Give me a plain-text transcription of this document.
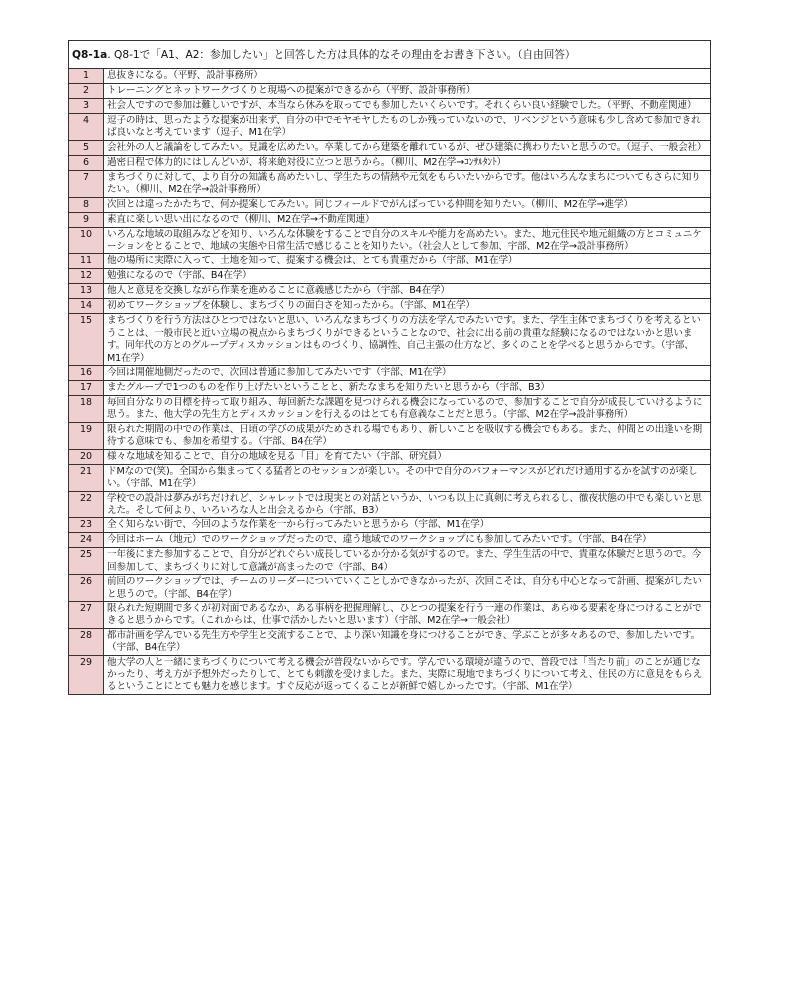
Q8-1a. Q8-1で「A1、A2：参加したい」と回答した方は具体的なその理由をお書き下さい。（自由回答）	
1	息抜きになる。（平野、設計事務所）
2	トレーニングとネットワークづくりと現場への提案ができるから（平野、設計事務所）
3	社会人ですので参加は難しいですが、本当なら休みを取ってでも参加したいくらいです。それくらい良い経験でした。（平野、不動産関連）
4	逗子の時は、思ったような提案が出来ず、自分の中でモヤモヤしたものしか残っていないので、リベンジという意味も少し含めて参加できれば良いなと考えています（逗子、M1在学）
5	会社外の人と議論をしてみたい。見識を広めたい。卒業してから建築を離れているが、ぜひ建築に携わりたいと思うので。（逗子、一般会社）
6	過密日程で体力的にはしんどいが、将来絶対役に立つと思うから。（柳川、M2在学→ｺﾝｻﾙﾀﾝﾄ）
7	まちづくりに対して、より自分の知識も高めたいし、学生たちの情熱や元気をもらいたいからです。他はいろんなまちについてもさらに知りたい。（柳川、M2在学→設計事務所）
8	次回とは違ったかたちで、何か提案してみたい。同じフィールドでがんばっている仲間を知りたい。（柳川、M2在学→進学）
9	素直に楽しい思い出になるので（柳川、M2在学→不動産関連）
10	いろんな地域の取組みなどを知り、いろんな体験をすることで自分のスキルや能力を高めたい。また、地元住民や地元組織の方とコミュニケーションをとることで、地域の実態や日常生活で感じることを知りたい。（社会人として参加、宇部、M2在学→設計事務所）
11	他の場所に実際に入って、土地を知って、提案する機会は、とても貴重だから（宇部、M1在学）
12	勉強になるので（宇部、B4在学）
13	他人と意見を交換しながら作業を進めることに意義感じたから（宇部、B4在学）
14	初めてワークショップを体験し、まちづくりの面白さを知ったから。（宇部、M1在学）
15	まちづくりを行う方法はひとつではないと思い、いろんなまちづくりの方法を学んでみたいです。また、学生主体でまちづくりを考えるということは、一般市民と近い立場の視点からまちづくりができるということなので、社会に出る前の貴重な経験になるのではないかと思います。同年代の方とのグループディスカッションはものづくり、協調性、自己主張の仕方など、多くのことを学べると思うからです。（宇部、M1在学）
16	今回は開催地側だったので、次回は普通に参加してみたいです（宇部、M1在学）
17	またグループで1つのものを作り上げたいということと、新たなまちを知りたいと思うから（宇部、B3）
18	毎回自分なりの目標を持って取り組み、毎回新たな課題を見つけられる機会になっているので、参加することで自分が成長していけるように思う。また、他大学の先生方とディスカッションを行えるのはとても有意義なことだと思う。（宇部、M2在学→設計事務所）
19	限られた期間の中での作業は、日頃の学びの成果がためされる場でもあり、新しいことを吸収する機会でもある。また、仲間との出逢いを期待する意味でも、参加を希望する。（宇部、B4在学）
20	様々な地域を知ることで、自分の地域を見る「目」を育てたい（宇部、研究員）
21	ドMなので(笑)。全国から集まってくる猛者とのセッションが楽しい。その中で自分のパフォーマンスがどれだけ通用するかを試すのが楽しい。（宇部、M1在学）
22	学校での設計は夢みがちだけれど、シャレットでは現実との対話というか、いつも以上に真剣に考えられるし、徹夜状態の中でも楽しいと思えた。そして何より、いろいろな人と出会えるから（宇部、B3）
23	全く知らない街で、今回のような作業を一から行ってみたいと思うから（宇部、M1在学）
24	今回はホーム（地元）でのワークショップだったので、違う地域でのワークショップにも参加してみたいです。（宇部、B4在学）
25	一年後にまた参加することで、自分がどれぐらい成長しているか分かる気がするので。また、学生生活の中で、貴重な体験だと思うので。今回参加して、まちづくりに対して意識が高まったので（宇部、B4）
26	前回のワークショップでは、チームのリーダーについていくことしかできなかったが、次回こそは、自分も中心となって計画、提案がしたいと思うので。（宇部、B4在学）
27	限られた短期間で多くが初対面であるなか、ある事柄を把握理解し、ひとつの提案を行う一連の作業は、あらゆる要素を身につけることができると思うからです。（これからは、仕事で活かしたいと思います）（宇部、M2在学→一般会社）
28	都市計画を学んでいる先生方や学生と交流することで、より深い知識を身につけることができ、学ぶことが多々あるので、参加したいです。（宇部、B4在学）
29	他大学の人と一緒にまちづくりについて考える機会が普段ないからです。学んでいる環境が違うので、普段では「当たり前」のことが通じなかったり、考え方が予想外だったりして、とても刺激を受けました。また、実際に現地でまちづくりについて考え、住民の方に意見をもらえるということにとても魅力を感じます。すぐ反応が返ってくることが新鮮で嬉しかったです。（宇部、M1在学）
